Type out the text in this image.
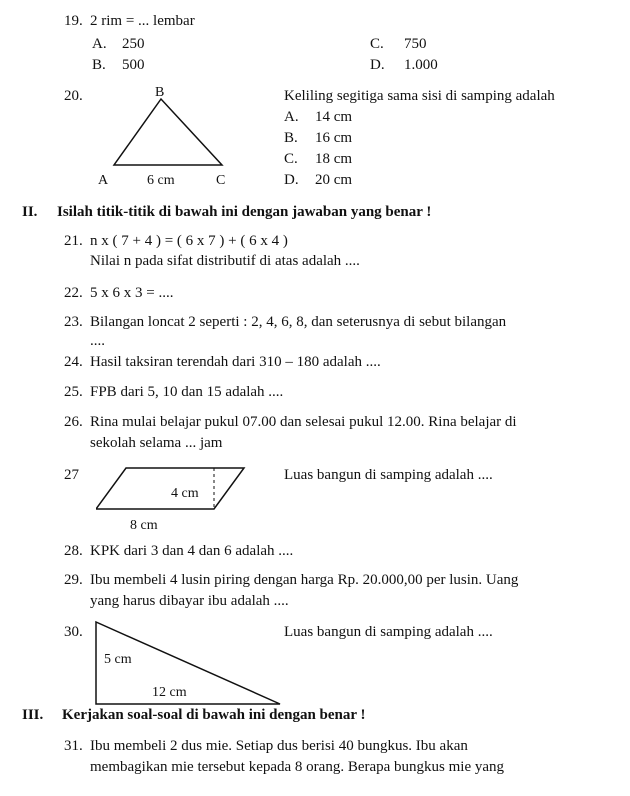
19. 2 rim = ... lembar
A. 250
B. 500
C. 750
D. 1.000
20.	B
A	6 cm	C
Keliling segitiga sama sisi di samping adalah
A. 14 cm
B. 16 cm
C. 18 cm
D. 20 cm
II. Isilah titik-titik di bawah ini dengan jawaban yang benar !
21. n x ( 7 + 4 ) = ( 6 x 7 ) + ( 6 x 4 )
Nilai n pada sifat distributif di atas adalah ....
22. 5 x 6 x 3 = ....
23. Bilangan loncat 2 seperti : 2, 4, 6, 8, dan seterusnya di sebut bilangan
....
24. Hasil taksiran terendah dari 310 – 180 adalah ....
25. FPB dari 5, 10 dan 15 adalah ....
26. Rina mulai belajar pukul 07.00 dan selesai pukul 12.00. Rina belajar di
sekolah selama ... jam
27
4 cm
8 cm
Luas bangun di samping adalah ....
28. KPK dari 3 dan 4 dan 6 adalah ....
29. Ibu membeli 4 lusin piring dengan harga Rp. 20.000,00 per lusin. Uang
yang harus dibayar ibu adalah ....
30.
5 cm
12 cm
Luas bangun di samping adalah ....
III. Kerjakan soal-soal di bawah ini dengan benar !
31. Ibu membeli 2 dus mie. Setiap dus berisi 40 bungkus. Ibu akan
membagikan mie tersebut kepada 8 orang. Berapa bungkus mie yang
